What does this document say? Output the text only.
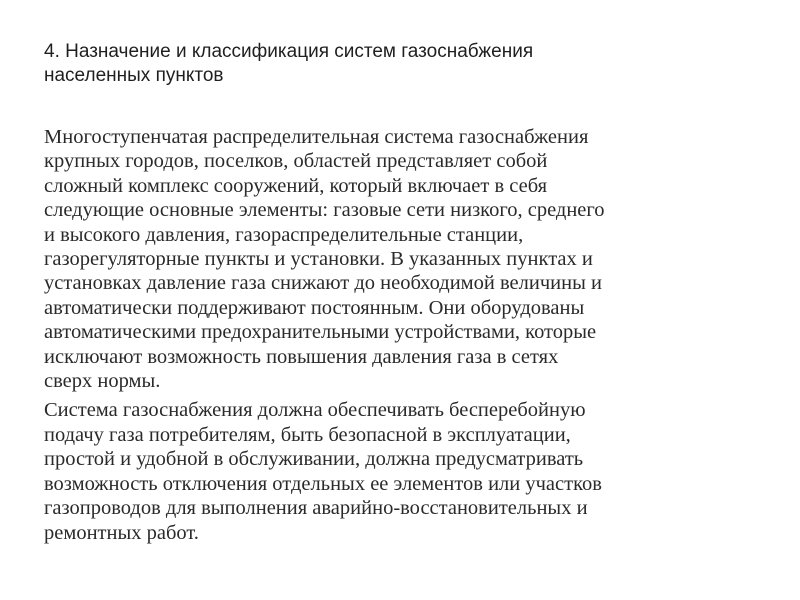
4. Назначение и классификация систем газоснабжения
населенных пунктов

Многоступенчатая распределительная система газоснабжения
крупных городов, поселков, областей представляет собой
сложный комплекс сооружений, который включает в себя
следующие основные элементы: газовые сети низкого, среднего
и высокого давления, газораспределительные станции,
газорегуляторные пункты и установки. В указанных пунктах и
установках давление газа снижают до необходимой величины и
автоматически поддерживают постоянным. Они оборудованы
автоматическими предохранительными устройствами, которые
исключают возможность повышения давления газа в сетях
сверх нормы.

Система газоснабжения должна обеспечивать бесперебойную
подачу газа потребителям, быть безопасной в эксплуатации,
простой и удобной в обслуживании, должна предусматривать
возможность отключения отдельных ее элементов или участков
газопроводов для выполнения аварийно-восстановительных и
ремонтных работ.
